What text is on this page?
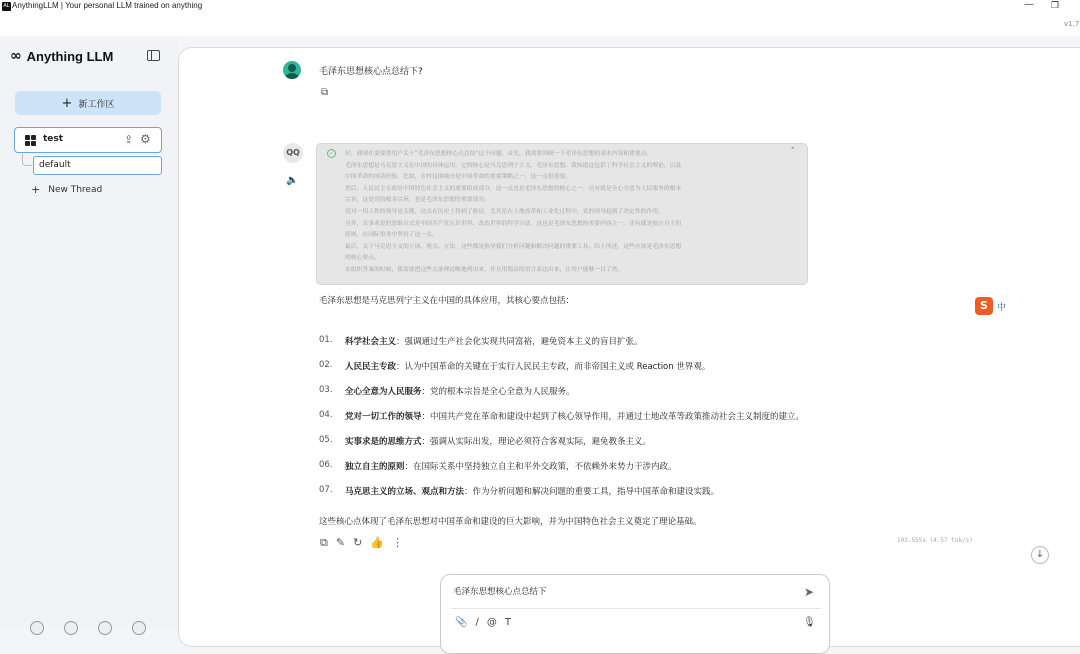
AL AnythingLLM | Your personal LLM trained on anything	— ❐
v1.7
∞ Anything LLM
+ 新工作区
test	⇪ ⚙
default
+ New Thread
毛泽东思想核心点总结下?
⧉
QQ
🔈
✓	˄

好，我现在需要帮用户关于“毛泽东思想核心点总结”这个问题。首先，我需要回顾一下毛泽东思想的基本内容和重要点。

毛泽东思想是马克思主义在中国的具体运用，它的核心是马克思列宁主义，毛泽东思想。我知道这包括了科学社会主义的理论，以及

中国革命的成功经验。比如，农村包围城市是中国革命的重要策略之一，这一点很重要。

然后，人民民主专政是中国特色社会主义的重要组成部分，这一点也是毛泽东思想的核心之一。还有就是全心全意为人民服务的根本

宗旨，这是党的根本宗旨，也是毛泽东思想的重要部分。

党对一切工作的领导是关键，这点在历史上得到了验证，尤其是在土地改革和工业化过程中，党的领导起到了决定性的作用。

另外，实事求是的思维方式是中国共产党认识世界、改造世界的科学方法，这也是毛泽东思想的重要内容之一。还有就是独立自主的

原则，在国际事务中坚持了这一点。

最后，关于马克思主义的立场、观点、方法，这些都是指导我们分析问题和解决问题的重要工具。综上所述，这些应该是毛泽东思想

的核心要点。

在组织答案的时候，我需要把这些点条理清晰地列出来，并且用简洁的语言表达出来，让用户能够一目了然。

毛泽东思想是马克思列宁主义在中国的具体应用，其核心要点包括：
01.	科学社会主义 ：强调通过生产社会化实现共同富裕，避免资本主义的盲目扩张。
02.	人民民主专政 ：认为中国革命的关键在于实行人民民主专政，而非帝国主义或 Reaction 世界观。
03.	全心全意为人民服务 ：党的根本宗旨是全心全意为人民服务。
04.	党对一切工作的领导 ：中国共产党在革命和建设中起到了核心领导作用，并通过土地改革等政策推动社会主义制度的建立。
05.	实事求是的思维方式 ：强调从实际出发，理论必须符合客观实际，避免教条主义。
06.	独立自主的原则 ：在国际关系中坚持独立自主和平外交政策，不依赖外来势力干涉内政。
07.	马克思主义的立场、观点和方法 ：作为分析问题和解决问题的重要工具，指导中国革命和建设实践。
这些核心点体现了毛泽东思想对中国革命和建设的巨大影响，并为中国特色社会主义奠定了理论基础。
⧉ ✎ ↻ 👍 ⋮	102.555s (4.57 tok/s)
↓
毛泽东思想核心点总结下	➤
📎 ∕ @ T	🎙
S	中
